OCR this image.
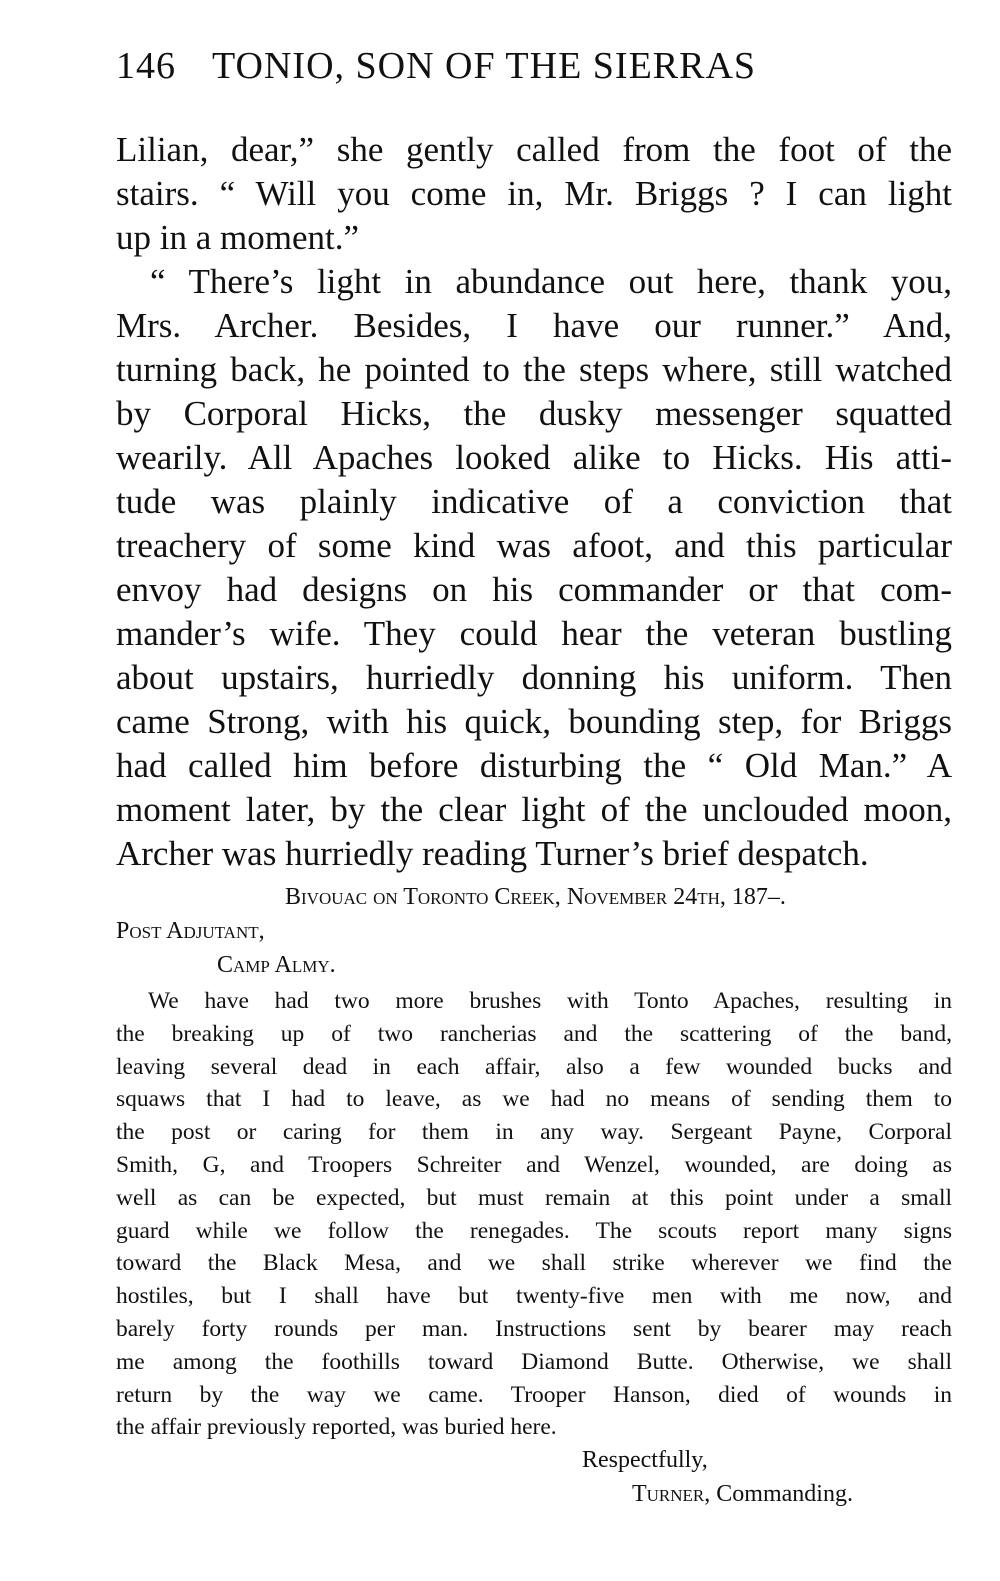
146 TONIO, SON OF THE SIERRAS
Lilian, dear,” she gently called from the foot of the
stairs. “ Will you come in, Mr. Briggs ? I can light
up in a moment.”
“ There’s light in abundance out here, thank you,
Mrs. Archer. Besides, I have our runner.” And,
turning back, he pointed to the steps where, still watched
by Corporal Hicks, the dusky messenger squatted
wearily. All Apaches looked alike to Hicks. His atti-
tude was plainly indicative of a conviction that
treachery of some kind was afoot, and this particular
envoy had designs on his commander or that com-
mander’s wife. They could hear the veteran bustling
about upstairs, hurriedly donning his uniform. Then
came Strong, with his quick, bounding step, for Briggs
had called him before disturbing the “ Old Man.” A
moment later, by the clear light of the unclouded moon,
Archer was hurriedly reading Turner’s brief despatch.
Bivouac on Toronto Creek, November 24th, 187–.
Post Adjutant,
Camp Almy.
We have had two more brushes with Tonto Apaches, resulting in
the breaking up of two rancherias and the scattering of the band,
leaving several dead in each affair, also a few wounded bucks and
squaws that I had to leave, as we had no means of sending them to
the post or caring for them in any way. Sergeant Payne, Corporal
Smith, G, and Troopers Schreiter and Wenzel, wounded, are doing as
well as can be expected, but must remain at this point under a small
guard while we follow the renegades. The scouts report many signs
toward the Black Mesa, and we shall strike wherever we find the
hostiles, but I shall have but twenty-five men with me now, and
barely forty rounds per man. Instructions sent by bearer may reach
me among the foothills toward Diamond Butte. Otherwise, we shall
return by the way we came. Trooper Hanson, died of wounds in
the affair previously reported, was buried here.
Respectfully,
Turner, Commanding.
